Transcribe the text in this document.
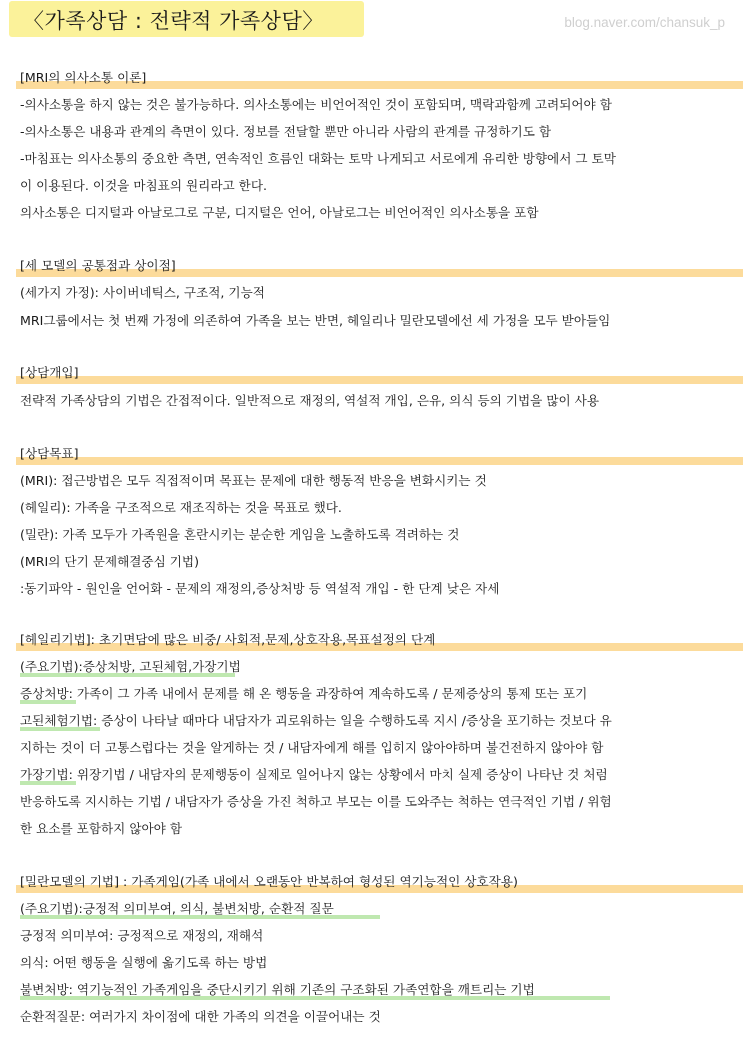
〈가족상담 : 전략적 가족상담〉	blog.naver.com/chansuk_p
[MRI의 의사소통 이론]
-의사소통을 하지 않는 것은 불가능하다. 의사소통에는 비언어적인 것이 포함되며, 맥락과함께 고려되어야 함
-의사소통은 내용과 관계의 측면이 있다. 정보를 전달할 뿐만 아니라 사람의 관계를 규정하기도 함
-마침표는 의사소통의 중요한 측면, 연속적인 흐름인 대화는 토막 나게되고 서로에게 유리한 방향에서 그 토막
이 이용된다. 이것을 마침표의 원리라고 한다.
의사소통은 디지털과 아날로그로 구분, 디지털은 언어, 아날로그는 비언어적인 의사소통을 포함
[세 모델의 공통점과 상이점]
(세가지 가정): 사이버네틱스, 구조적, 기능적
MRI그룹에서는 첫 번째 가정에 의존하여 가족을 보는 반면, 헤일리나 밀란모델에선 세 가정을 모두 받아들임
[상담개입]
전략적 가족상담의 기법은 간접적이다. 일반적으로 재정의, 역설적 개입, 은유, 의식 등의 기법을 많이 사용
[상담목표]
(MRI): 접근방법은 모두 직접적이며 목표는 문제에 대한 행동적 반응을 변화시키는 것
(헤일리): 가족을 구조적으로 재조직하는 것을 목표로 했다.
(밀란): 가족 모두가 가족원을 혼란시키는 분순한 게임을 노출하도록 격려하는 것
(MRI의 단기 문제해결중심 기법)
:동기파악 - 원인을 언어화 - 문제의 재정의,증상처방 등 역설적 개입 - 한 단계 낮은 자세
[헤일리기법]: 초기면담에 많은 비중/ 사회적,문제,상호작용,목표설정의 단계
(주요기법):증상처방, 고된체험,가장기법
증상처방: 가족이 그 가족 내에서 문제를 해 온 행동을 과장하여 계속하도록 / 문제증상의 통제 또는 포기
고된체험기법: 증상이 나타날 때마다 내담자가 괴로워하는 일을 수행하도록 지시 /증상을 포기하는 것보다 유
지하는 것이 더 고통스럽다는 것을 알게하는 것 / 내담자에게 해를 입히지 않아야하며 불건전하지 않아야 함
가장기법: 위장기법 / 내담자의 문제행동이 실제로 일어나지 않는 상황에서 마치 실제 증상이 나타난 것 처럼
반응하도록 지시하는 기법 / 내담자가 증상을 가진 척하고 부모는 이를 도와주는 척하는 연극적인 기법 / 위험
한 요소를 포함하지 않아야 함
[밀란모델의 기법] : 가족게임(가족 내에서 오랜동안 반복하여 형성된 역기능적인 상호작용)
(주요기법):긍정적 의미부여, 의식, 불변처방, 순환적 질문
긍정적 의미부여: 긍정적으로 재정의, 재해석
의식: 어떤 행동을 실행에 옮기도록 하는 방법
불변처방: 역기능적인 가족게임을 중단시키기 위해 기존의 구조화된 가족연합을 깨트리는 기법
순환적질문: 여러가지 차이점에 대한 가족의 의견을 이끌어내는 것
